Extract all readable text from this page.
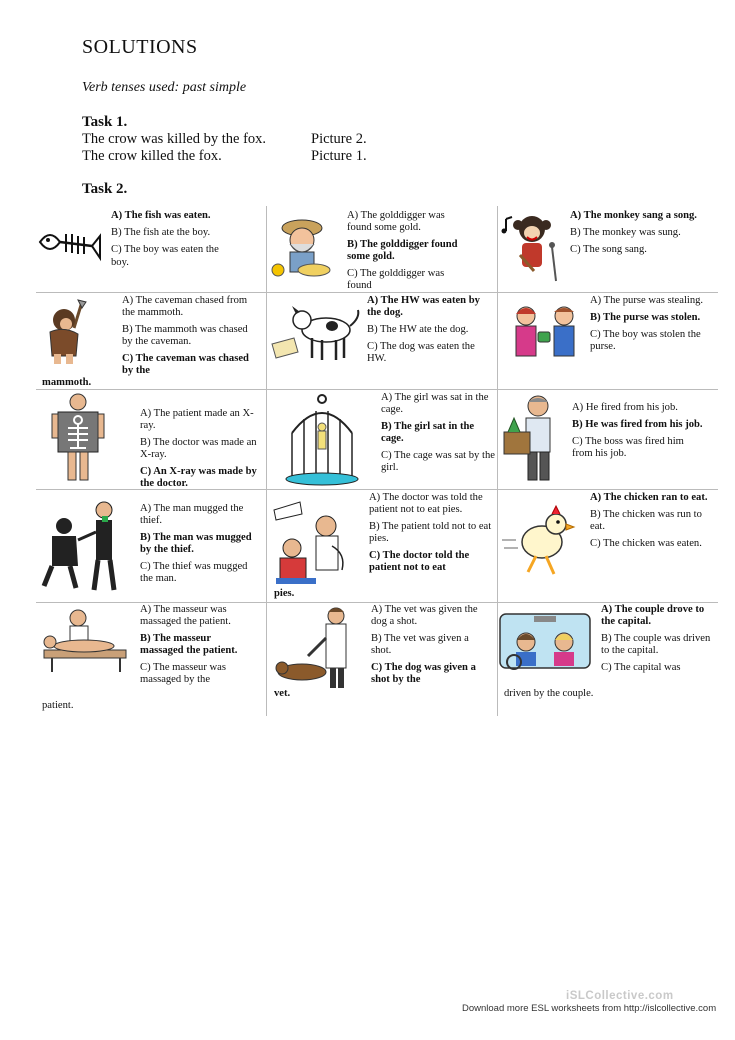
SOLUTIONS
Verb tenses used: past simple
Task 1.
The crow was killed by the fox.	Picture 2.
The crow killed the fox.	Picture 1.
Task 2.
A) The fish was eaten.
B) The fish ate the boy.
C) The boy was eaten the
boy.
A) The golddigger was found some gold.
B) The golddigger found some gold.
C) The golddigger was found
A) The monkey sang a song.
B) The monkey was sung.
C) The song sang.
A) The caveman chased from the mammoth.
B) The mammoth was chased by the caveman.
C) The caveman was chased by the
mammoth.
A) The HW was eaten by the dog.
B) The HW ate the dog.
C) The dog was eaten the HW.
A) The purse was stealing.
B) The purse was stolen.
C) The boy was stolen the purse.
A) The patient made an X-ray.
B) The doctor was made an X-ray.
C) An X-ray was made by the doctor.
A) The girl was sat in the cage.
B) The girl sat in the cage.
C) The cage was sat by the girl.
A) He fired from his job.
B) He was fired from his job.
C) The boss was fired him from his job.
A) The man mugged the thief.
B) The man was mugged by the thief.
C) The thief was mugged the man.
A) The doctor was told the patient not to eat pies.
B) The patient told not to eat pies.
C) The doctor told the patient not to eat
pies.
A) The chicken ran to eat.
B) The chicken was run to eat.
C) The chicken was eaten.
A) The masseur was massaged the patient.
B) The masseur massaged the patient.
C) The masseur was massaged by the
patient.
A) The vet was given the dog a shot.
B) The vet was given a shot.
C) The dog was given a shot by the
vet.
A) The couple drove to the capital.
B) The couple was driven to the capital.
C) The capital was
driven by the couple.
iSLCollective.com
Download more ESL worksheets from http://islcollective.com
